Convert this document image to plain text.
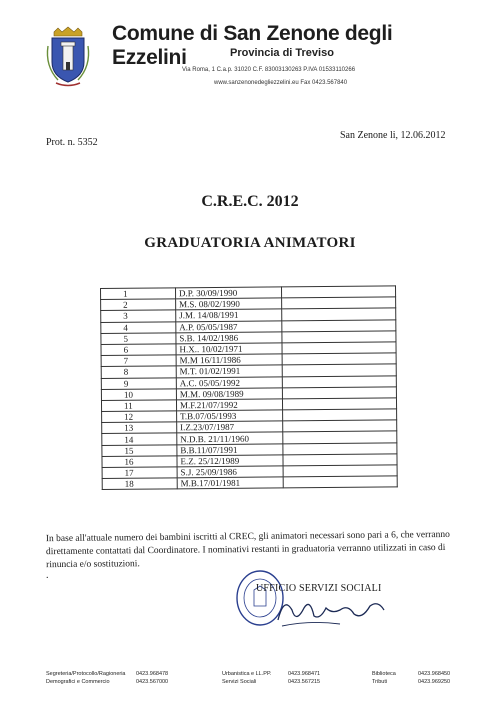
Comune di San Zenone degli Ezzelini	Provincia di Treviso
Via Roma, 1 C.a.p. 31020 C.F. 83003130263 P.IVA 01533110266
www.sanzenonedegliezzelini.eu Fax 0423.567840
Prot. n. 5352
San Zenone li, 12.06.2012
C.R.E.C. 2012
GRADUATORIA ANIMATORI
1	D.P. 30/09/1990	
2	M.S. 08/02/1990	
3	J.M. 14/08/1991	
4	A.P. 05/05/1987	
5	S.B. 14/02/1986	
6	H.X.. 10/02/1971	
7	M.M 16/11/1986	
8	M.T. 01/02/1991	
9	A.C. 05/05/1992	
10	M.M. 09/08/1989	
11	M.F.21/07/1992	
12	T.B.07/05/1993	
13	I.Z.23/07/1987	
14	N.D.B. 21/11/1960	
15	B.B.11/07/1991	
16	E.Z. 25/12/1989	
17	S.J. 25/09/1986	
18	M.B.17/01/1981	
In base all'attuale numero dei bambini iscritti al CREC, gli animatori necessari sono pari a 6, che verranno direttamente contattati dal Coordinatore. I nominativi restanti in graduatoria verranno utilizzati in caso di rinuncia e/o sostituzioni.
.
UFFICIO SERVIZI SOCIALI
Segreteria/Protocollo/Ragioneria
Demografici e Commercio
0423.968478
0423.567000
Urbanistica e LL.PP.
Servizi Sociali
0423.968471
0423.567215
Biblioteca
Tributi
0423.968450
0423.969250
